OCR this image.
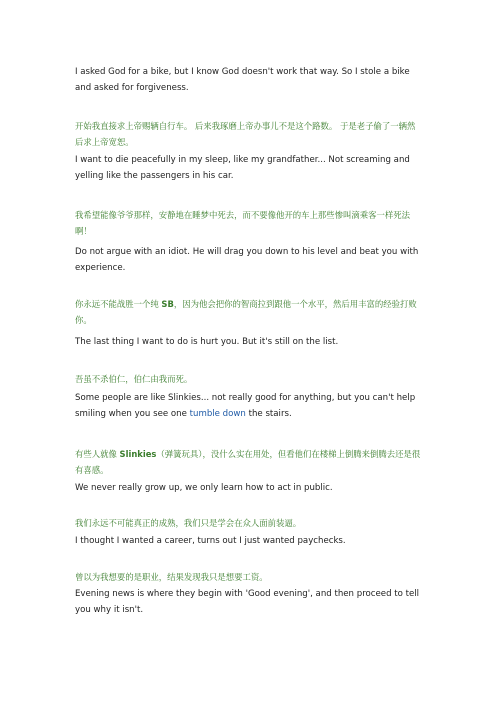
I asked God for a bike, but I know God doesn't work that way. So I stole a bike and asked for forgiveness.

开始我直接求上帝赐辆自行车。 后来我琢磨上帝办事儿不是这个路数。 于是老子偷了一辆然后求上帝宽恕。

I want to die peacefully in my sleep, like my grandfather... Not screaming and yelling like the passengers in his car.

我希望能像爷爷那样，安静地在睡梦中死去，而不要像他开的车上那些惨叫滴乘客一样死法啊！

Do not argue with an idiot. He will drag you down to his level and beat you with experience.

你永远不能战胜一个纯 SB，因为他会把你的智商拉到跟他一个水平，然后用丰富的经验打败你。

The last thing I want to do is hurt you. But it's still on the list.

吾虽不杀伯仁，伯仁由我而死。

Some people are like Slinkies... not really good for anything, but you can't help smiling when you see one tumble down the stairs.

有些人就像 Slinkies（弹簧玩具），没什么实在用处，但看他们在楼梯上倒腾来倒腾去还是很有喜感。

We never really grow up, we only learn how to act in public.

我们永远不可能真正的成熟，我们只是学会在众人面前装逼。

I thought I wanted a career, turns out I just wanted paychecks.

曾以为我想要的是职业，结果发现我只是想要工资。

Evening news is where they begin with 'Good evening', and then proceed to tell you why it isn't.
